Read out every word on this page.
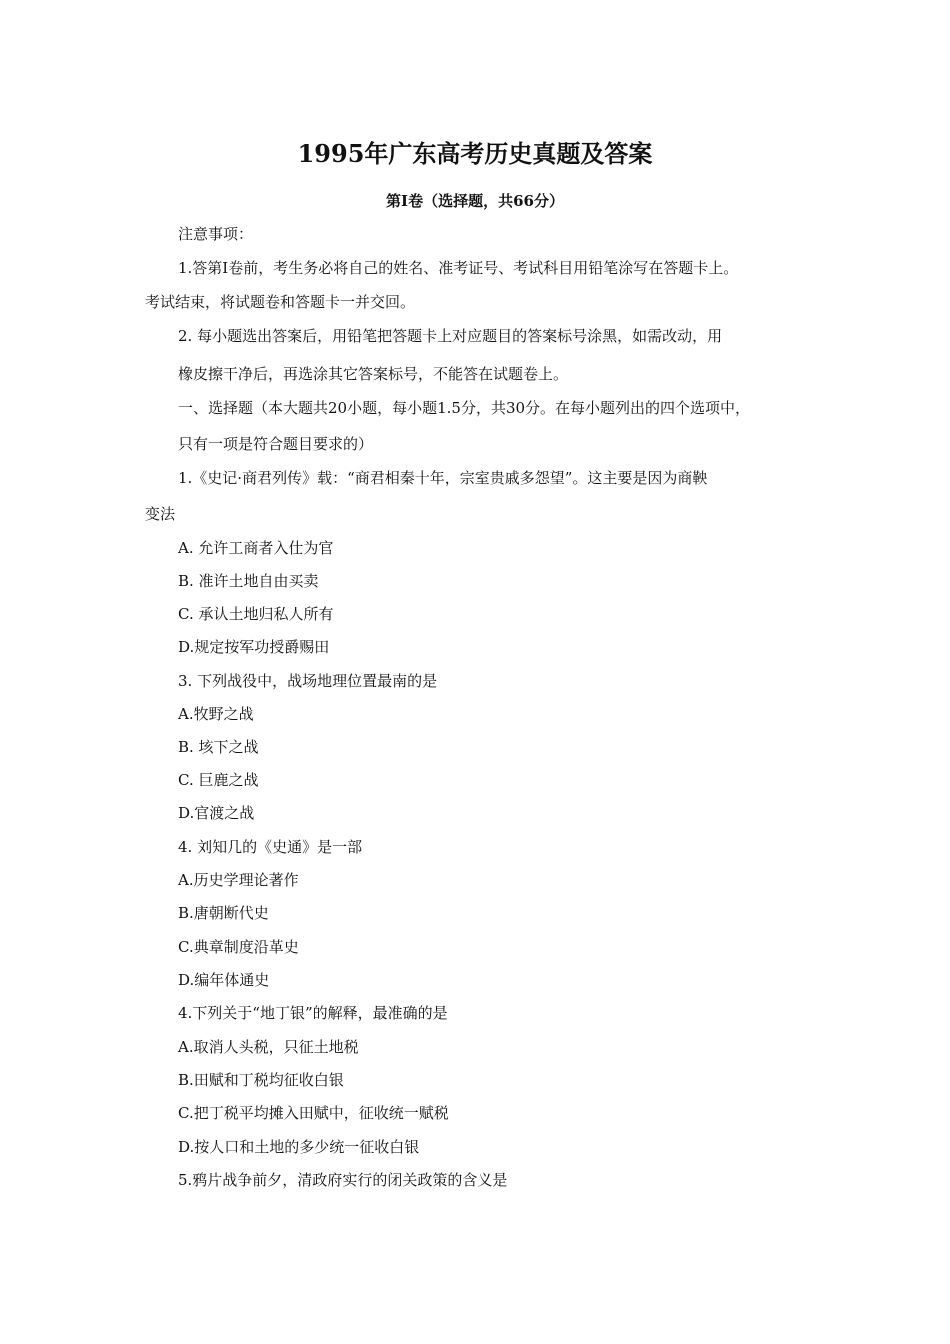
1995年广东高考历史真题及答案
第Ⅰ卷（选择题，共66分）
注意事项：
1.答第Ⅰ卷前，考生务必将自己的姓名、准考证号、考试科目用铅笔涂写在答题卡上。
考试结束，将试题卷和答题卡一并交回。
2. 每小题选出答案后，用铅笔把答题卡上对应题目的答案标号涂黑，如需改动，用
橡皮擦干净后，再选涂其它答案标号，不能答在试题卷上。
一、选择题（本大题共20小题，每小题1.5分，共30分。在每小题列出的四个选项中，
只有一项是符合题目要求的）
1.《史记·商君列传》载：“商君相秦十年，宗室贵戚多怨望”。这主要是因为商鞅
变法
A. 允许工商者入仕为官
B. 准许土地自由买卖
C. 承认土地归私人所有
D.规定按军功授爵赐田
3. 下列战役中，战场地理位置最南的是
A.牧野之战
B. 垓下之战
C. 巨鹿之战
D.官渡之战
4. 刘知几的《史通》是一部
A.历史学理论著作
B.唐朝断代史
C.典章制度沿革史
D.编年体通史
4.下列关于“地丁银”的解释，最准确的是
A.取消人头税，只征土地税
B.田赋和丁税均征收白银
C.把丁税平均摊入田赋中，征收统一赋税
D.按人口和土地的多少统一征收白银
5.鸦片战争前夕，清政府实行的闭关政策的含义是
